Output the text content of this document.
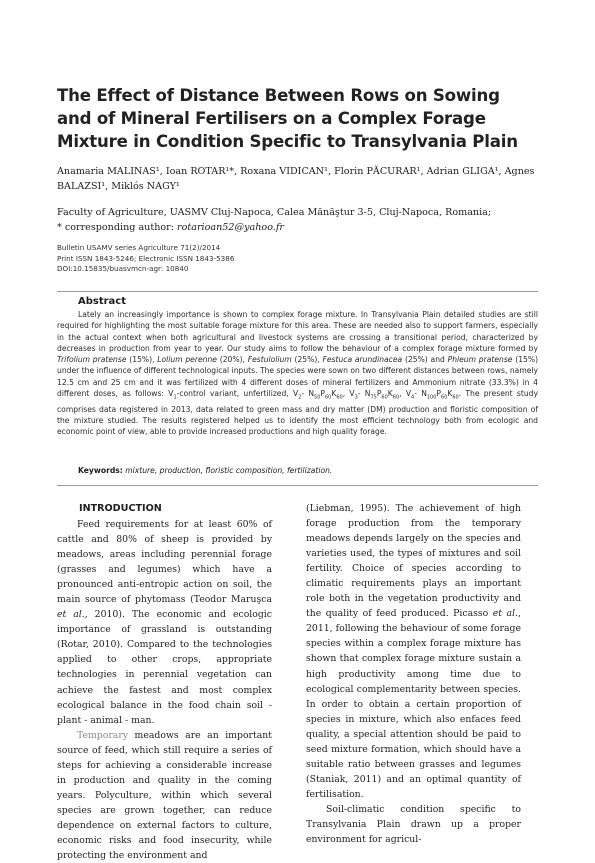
The Effect of Distance Between Rows on Sowing and of Mineral Fertilisers on a Complex Forage Mixture in Condition Specific to Transylvania Plain
Anamaria MALINAS¹, Ioan ROTAR¹*, Roxana VIDICAN¹, Florin PĂCURAR¹, Adrian GLIGA¹, Agnes BALAZSI¹, Miklós NAGY¹
Faculty of Agriculture, UASMV Cluj-Napoca, Calea Mănăştur 3-5, Cluj-Napoca, Romania;
* corresponding author: rotarioan52@yahoo.fr
Bulletin USAMV series Agriculture 71(2)/2014
Print ISSN 1843-5246; Electronic ISSN 1843-5386
DOI:10.15835/buasvmcn-agr: 10840
Abstract
Lately an increasingly importance is shown to complex forage mixture. In Transylvania Plain detailed studies are still required for highlighting the most suitable forage mixture for this area. These are needed also to support farmers, especially in the actual context when both agricultural and livestock systems are crossing a transitional period, characterized by decreases in production from year to year. Our study aims to follow the behaviour of a complex forage mixture formed by Trifolium pratense (15%), Lolium perenne (20%), Festulolium (25%), Festuca arundinacea (25%) and Phleum pratense (15%) under the influence of different technological inputs. The species were sown on two different distances between rows, namely 12.5 cm and 25 cm and it was fertilized with 4 different doses of mineral fertilizers and Ammonium nitrate (33.3%) in 4 different doses, as follows: $V_1$-control variant, unfertilized, $V_2-$ $N_{50}P_{60}K_{60}$, $V_3-$ $N_{75}P_{60}K_{60}$, $V_4-$ $N_{100}P_{60}K_{60}$. The present study comprises data registered in 2013, data related to green mass and dry matter (DM) production and floristic composition of the mixture studied. The results registered helped us to identify the most efficient technology both from ecologic and economic point of view, able to provide increased productions and high quality forage.
Keywords: mixture, production, floristic composition, fertilization.
INTRODUCTION

Feed requirements for at least 60% of cattle and 80% of sheep is provided by meadows, areas including perennial forage (grasses and legumes) which have a pronounced anti-entropic action on soil, the main source of phytomass (Teodor Maruşca et al., 2010). The economic and ecologic importance of grassland is outstanding (Rotar, 2010). Compared to the technologies applied to other crops, appropriate technologies in perennial vegetation can achieve the fastest and most complex ecological balance in the food chain soil - plant - animal - man.

Temporary meadows are an important source of feed, which still require a series of steps for achieving a considerable increase in production and quality in the coming years. Polyculture, within which several species are grown together, can reduce dependence on external factors to culture, economic risks and food insecurity, while protecting the environment and

(Liebman, 1995). The achievement of high forage production from the temporary meadows depends largely on the species and varieties used, the types of mixtures and soil fertility. Choice of species according to climatic requirements plays an important role both in the vegetation productivity and the quality of feed produced. Picasso et al., 2011, following the behaviour of some forage species within a complex forage mixture has shown that complex forage mixture sustain a high productivity among time due to ecological complementarity between species. In order to obtain a certain proportion of species in mixture, which also enfaces feed quality, a special attention should be paid to seed mixture formation, which should have a suitable ratio between grasses and legumes (Staniak, 2011) and an optimal quantity of fertilisation.

Soil-climatic condition specific to Transylvania Plain drawn up a proper environment for agricul-
